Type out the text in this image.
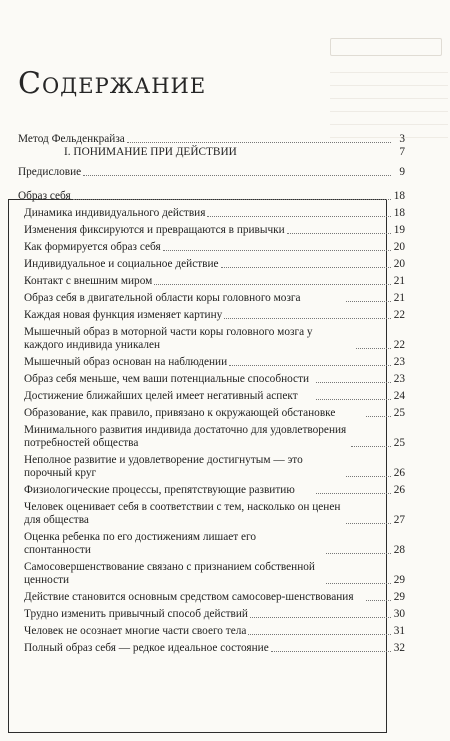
Содержание
Метод Фельденкрайза	3
I. ПОНИМАНИЕ ПРИ ДЕЙСТВИИ	7
Предисловие	9
Образ себя	18
Динамика индивидуального действия	18
Изменения фиксируются и превращаются в привычки	19
Как формируется образ себя	20
Индивидуальное и социальное действие	20
Контакт с внешним миром	21
Образ себя в двигательной области коры головного мозга	21
Каждая новая функция изменяет картину	22
Мышечный образ в моторной части коры головного мозга у каждого индивида уникален	22
Мышечный образ основан на наблюдении	23
Образ себя меньше, чем ваши потенциальные способности	23
Достижение ближайших целей имеет негативный аспект	24
Образование, как правило, привязано к окружающей обстановке	25
Минимального развития индивида достаточно для удовлетворения потребностей общества	25
Неполное развитие и удовлетворение достигнутым — это порочный круг	26
Физиологические процессы, препятствующие развитию	26
Человек оценивает себя в соответствии с тем, насколько он ценен для общества	27
Оценка ребенка по его достижениям лишает его спонтанности	28
Самосовершенствование связано с признанием собственной ценности	29
Действие становится основным средством самосовер-шенствования	29
Трудно изменить привычный способ действий	30
Человек не осознает многие части своего тела	31
Полный образ себя — редкое идеальное состояние	32
